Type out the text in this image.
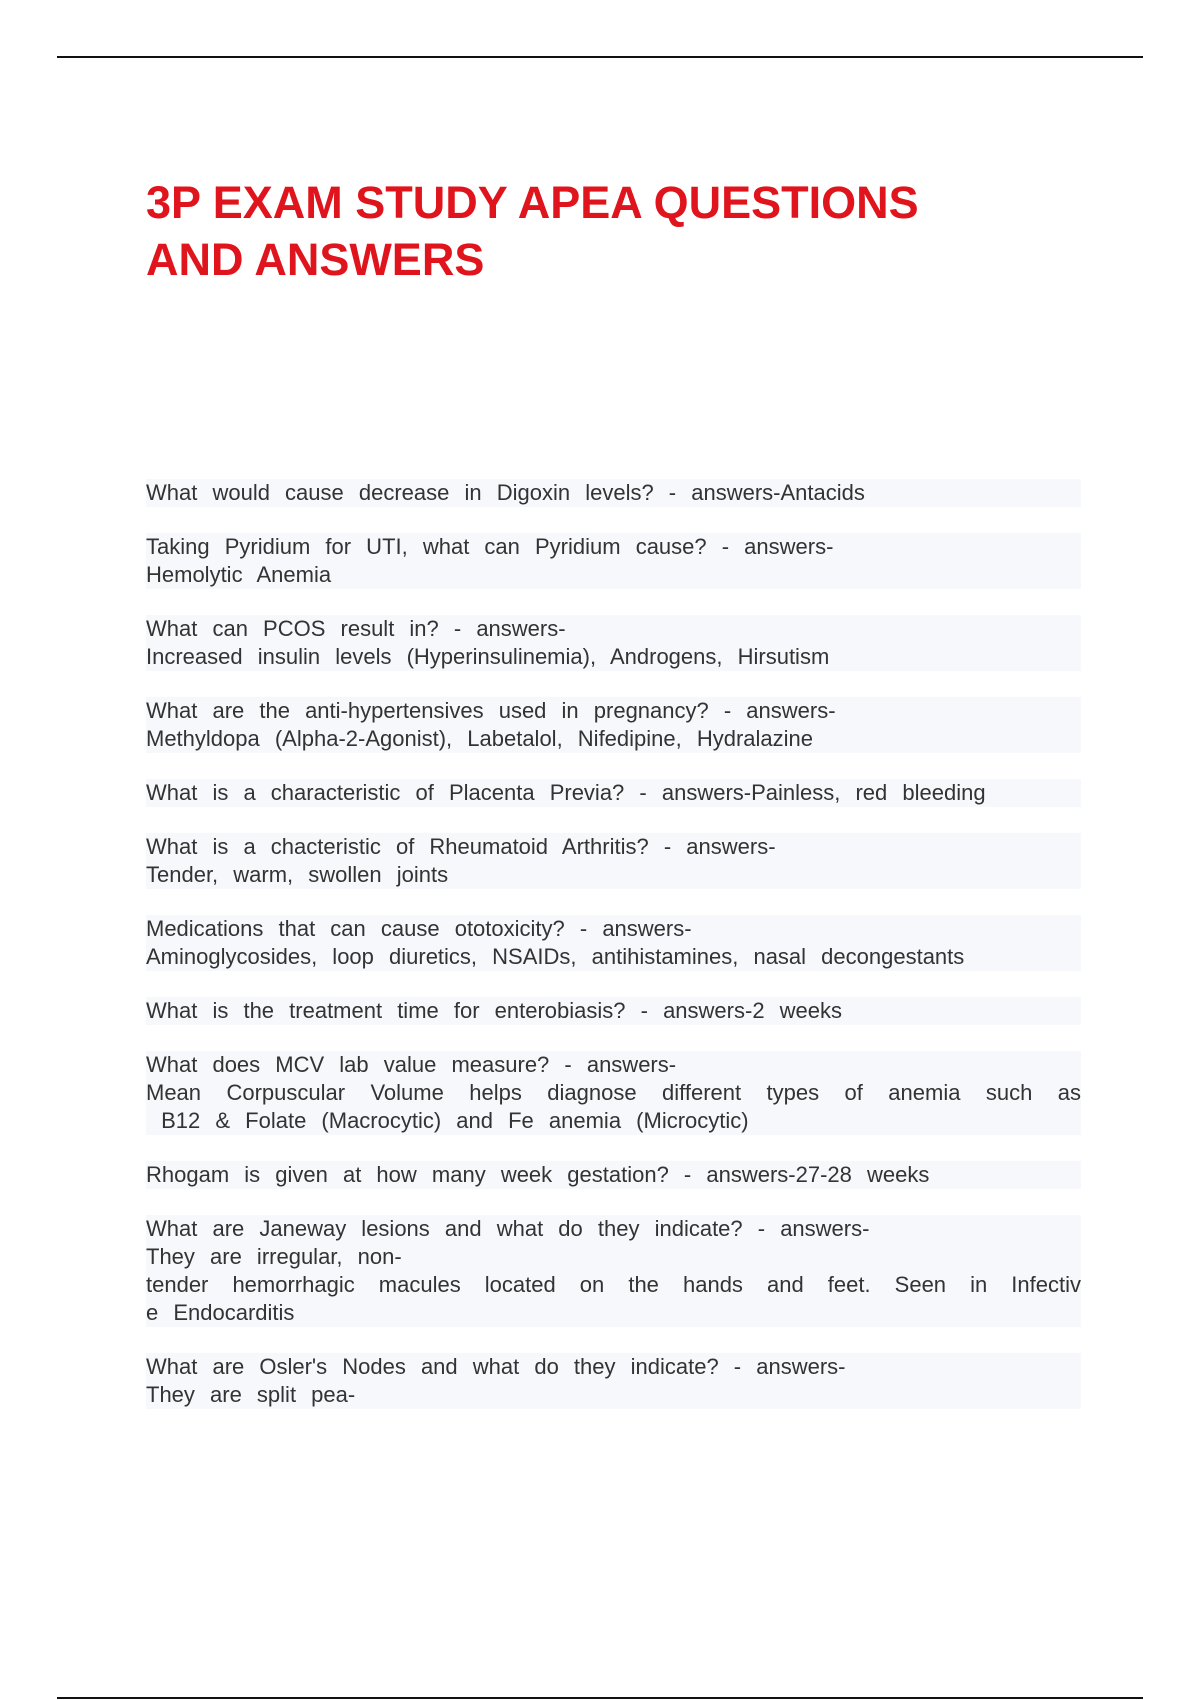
3P EXAM STUDY APEA QUESTIONS
AND ANSWERS

What would cause decrease in Digoxin levels? - answers-Antacids

Taking Pyridium for UTI, what can Pyridium cause? - answers-
Hemolytic Anemia

What can PCOS result in? - answers-
Increased insulin levels (Hyperinsulinemia), Androgens, Hirsutism

What are the anti-hypertensives used in pregnancy? - answers-
Methyldopa (Alpha-2-Agonist), Labetalol, Nifedipine, Hydralazine

What is a characteristic of Placenta Previa? - answers-Painless, red bleeding

What is a chacteristic of Rheumatoid Arthritis? - answers-
Tender, warm, swollen joints

Medications that can cause ototoxicity? - answers-
Aminoglycosides, loop diuretics, NSAIDs, antihistamines, nasal decongestants

What is the treatment time for enterobiasis? - answers-2 weeks

What does MCV lab value measure? - answers-
Mean Corpuscular Volume helps diagnose different types of anemia such as
B12 & Folate (Macrocytic) and Fe anemia (Microcytic)

Rhogam is given at how many week gestation? - answers-27-28 weeks

What are Janeway lesions and what do they indicate? - answers-
They are irregular, non-
tender hemorrhagic macules located on the hands and feet. Seen in Infectiv
e Endocarditis

What are Osler's Nodes and what do they indicate? - answers-
They are split pea-
